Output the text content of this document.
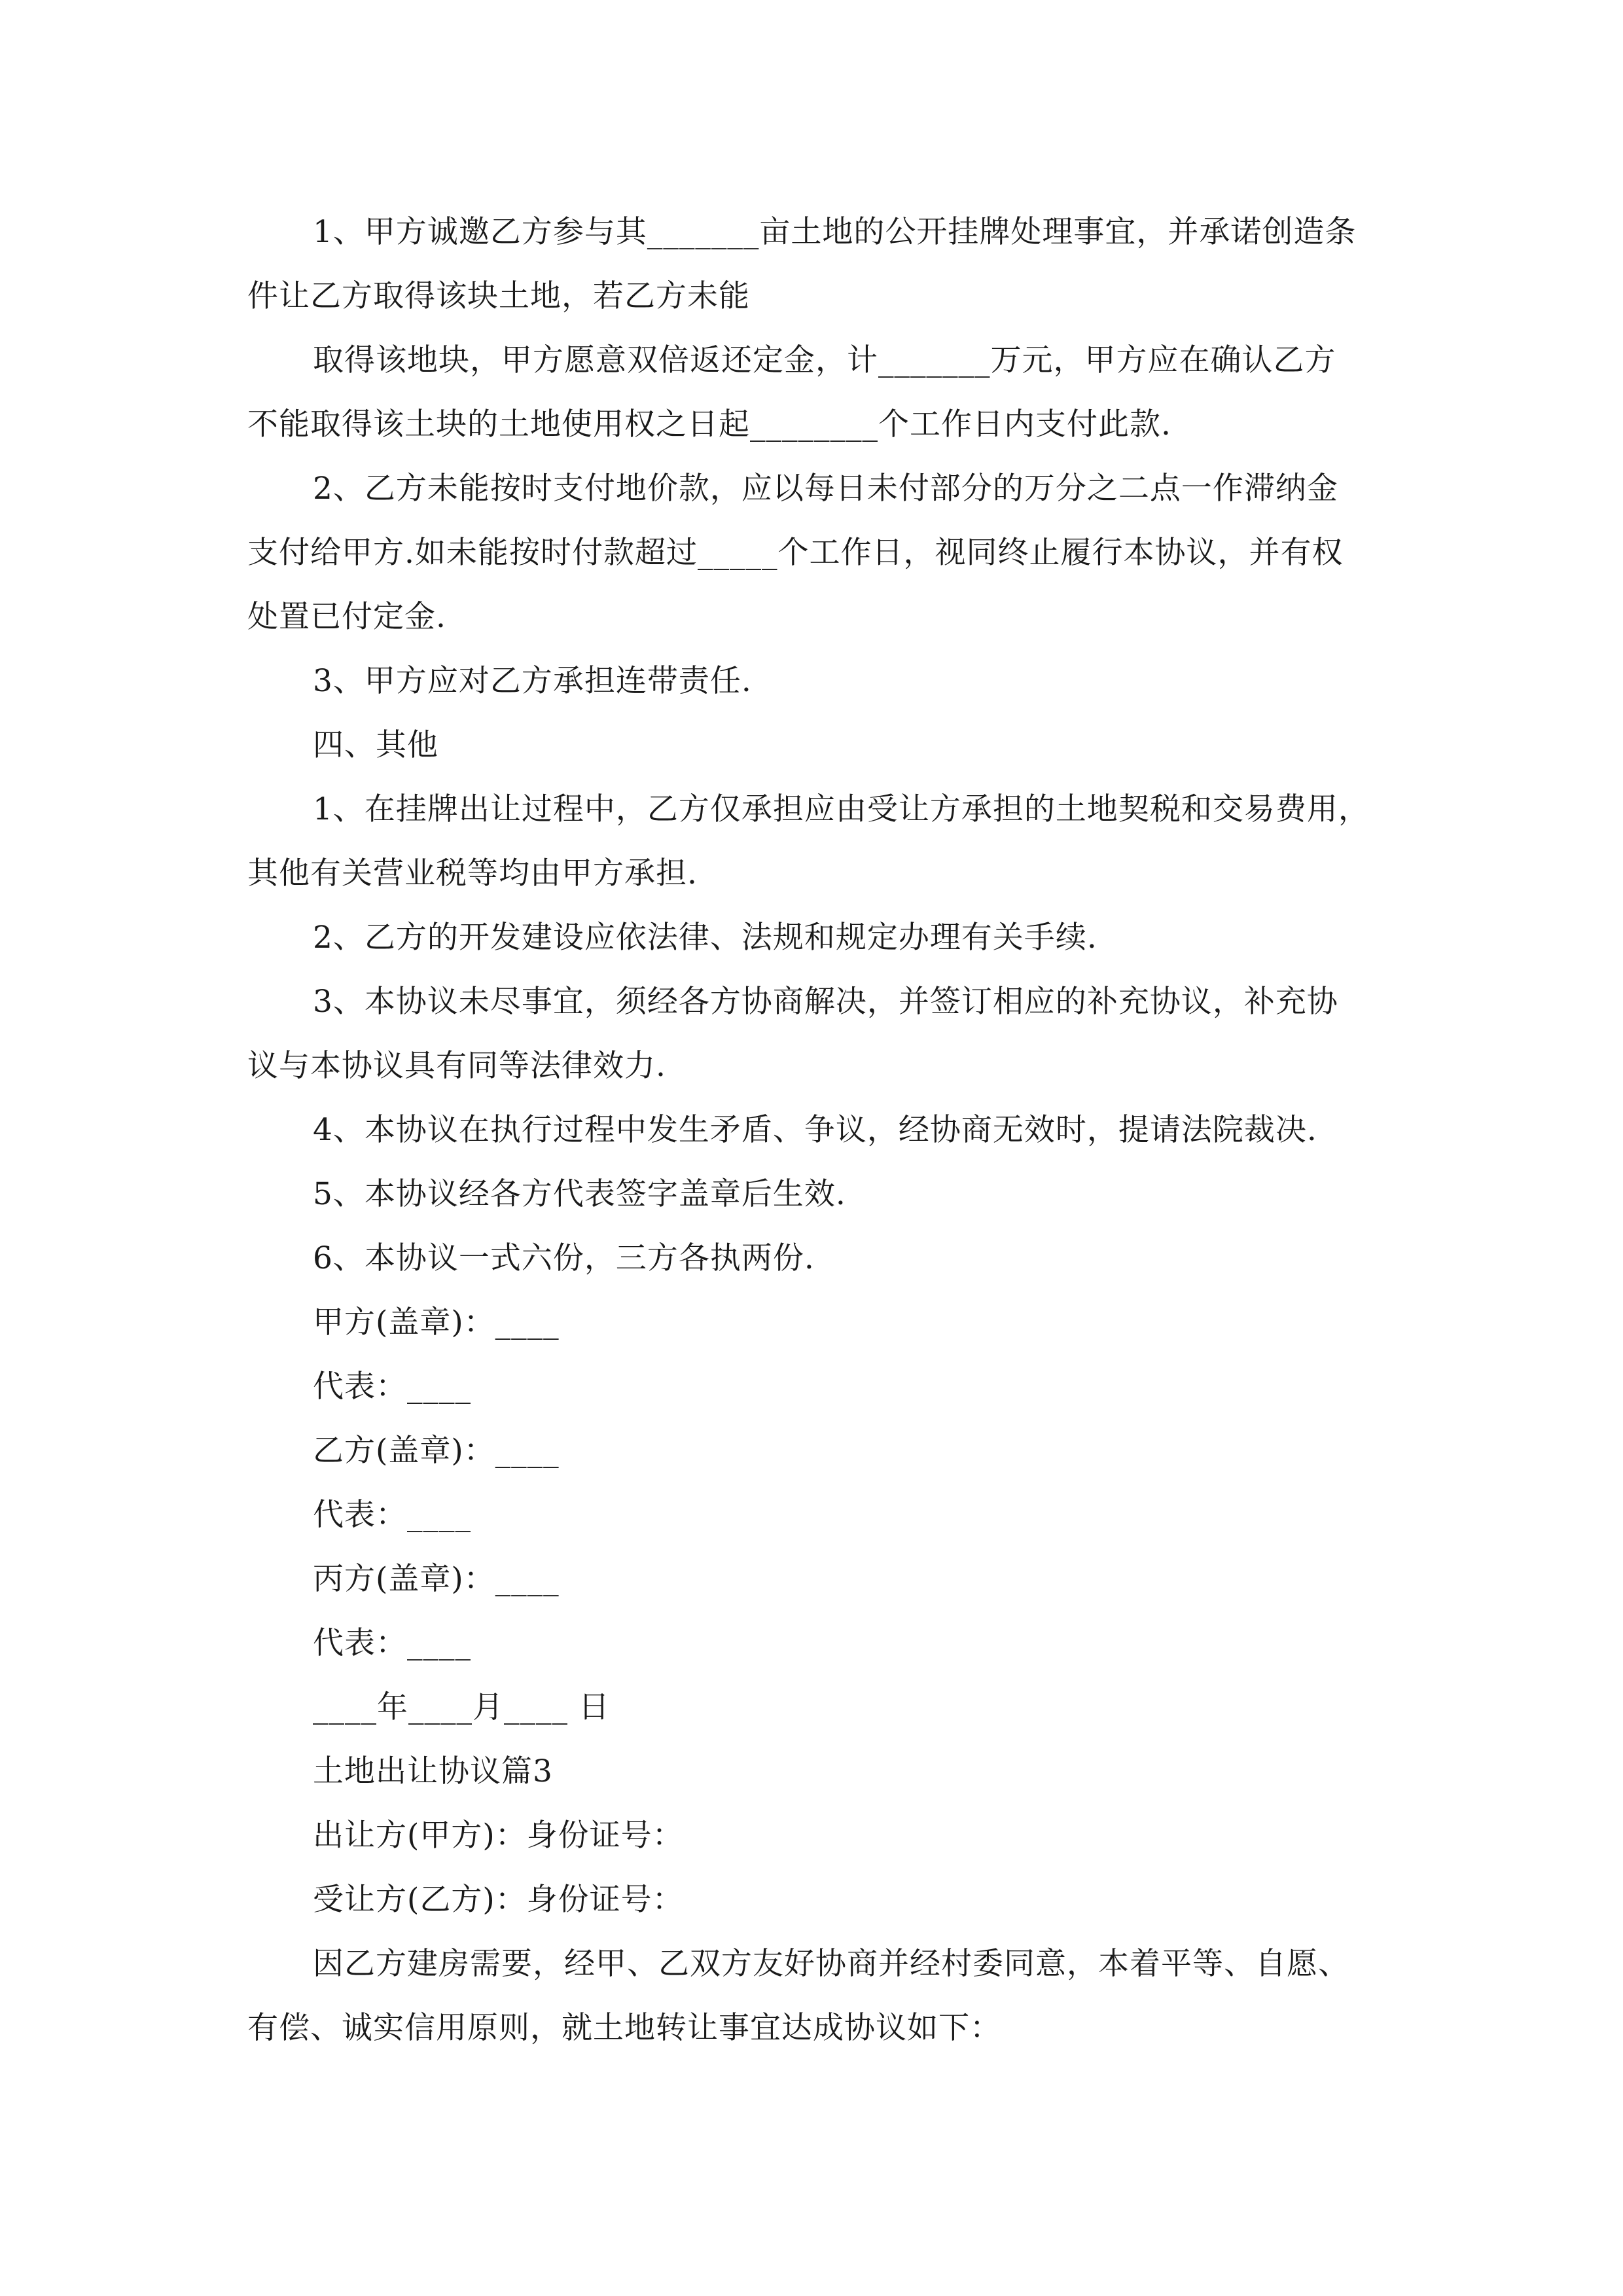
1、甲方诚邀乙方参与其_______亩土地的公开挂牌处理事宜，并承诺创造条
件让乙方取得该块土地，若乙方未能
取得该地块，甲方愿意双倍返还定金，计_______万元，甲方应在确认乙方
不能取得该土块的土地使用权之日起________个工作日内支付此款.
2、乙方未能按时支付地价款，应以每日未付部分的万分之二点一作滞纳金
支付给甲方.如未能按时付款超过_____个工作日，视同终止履行本协议，并有权
处置已付定金.
3、甲方应对乙方承担连带责任.
四、其他
1、在挂牌出让过程中，乙方仅承担应由受让方承担的土地契税和交易费用，
其他有关营业税等均由甲方承担.
2、乙方的开发建设应依法律、法规和规定办理有关手续.
3、本协议未尽事宜，须经各方协商解决，并签订相应的补充协议，补充协
议与本协议具有同等法律效力.
4、本协议在执行过程中发生矛盾、争议，经协商无效时，提请法院裁决.
5、本协议经各方代表签字盖章后生效.
6、本协议一式六份，三方各执两份.
甲方(盖章)：____
代表：____
乙方(盖章)：____
代表：____
丙方(盖章)：____
代表：____
____年____月____ 日
土地出让协议篇3
出让方(甲方)：身份证号：
受让方(乙方)：身份证号：
因乙方建房需要，经甲、乙双方友好协商并经村委同意，本着平等、自愿、
有偿、诚实信用原则，就土地转让事宜达成协议如下：
